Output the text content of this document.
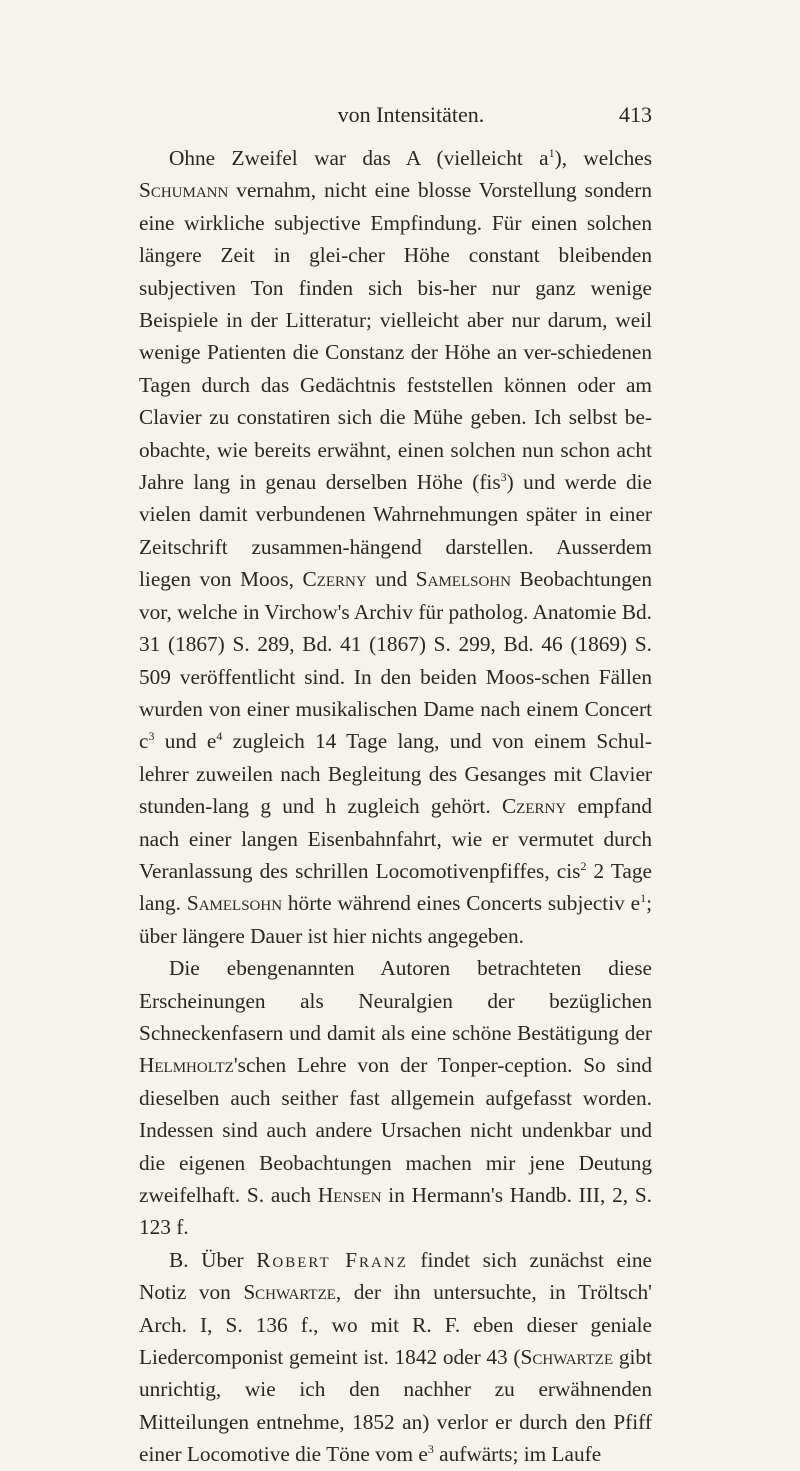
von Intensitäten.	413

Ohne Zweifel war das A (vielleicht $a^1$), welches Schumann vernahm, nicht eine blosse Vorstellung sondern eine wirkliche subjective Empfindung. Für einen solchen längere Zeit in glei-cher Höhe constant bleibenden subjectiven Ton finden sich bis-her nur ganz wenige Beispiele in der Litteratur; vielleicht aber nur darum, weil wenige Patienten die Constanz der Höhe an ver-schiedenen Tagen durch das Gedächtnis feststellen können oder am Clavier zu constatiren sich die Mühe geben. Ich selbst be-obachte, wie bereits erwähnt, einen solchen nun schon acht Jahre lang in genau derselben Höhe (fis$^3$) und werde die vielen damit verbundenen Wahrnehmungen später in einer Zeitschrift zusammen-hängend darstellen. Ausserdem liegen von Moos, Czerny und Samelsohn Beobachtungen vor, welche in Virchow's Archiv für patholog. Anatomie Bd. 31 (1867) S. 289, Bd. 41 (1867) S. 299, Bd. 46 (1869) S. 509 veröffentlicht sind. In den beiden Moos-schen Fällen wurden von einer musikalischen Dame nach einem Concert $c^3$ und $e^4$ zugleich 14 Tage lang, und von einem Schul-lehrer zuweilen nach Begleitung des Gesanges mit Clavier stunden-lang g und h zugleich gehört. Czerny empfand nach einer langen Eisenbahnfahrt, wie er vermutet durch Veranlassung des schrillen Locomotivenpfiffes, cis$^2$ 2 Tage lang. Samelsohn hörte während eines Concerts subjectiv $e^1$; über längere Dauer ist hier nichts angegeben.

Die ebengenannten Autoren betrachteten diese Erscheinungen als Neuralgien der bezüglichen Schneckenfasern und damit als eine schöne Bestätigung der Helmholtz'schen Lehre von der Tonper-ception. So sind dieselben auch seither fast allgemein aufgefasst worden. Indessen sind auch andere Ursachen nicht undenkbar und die eigenen Beobachtungen machen mir jene Deutung zweifelhaft. S. auch Hensen in Hermann's Handb. III, 2, S. 123 f.

B. Über Robert Franz findet sich zunächst eine Notiz von Schwartze, der ihn untersuchte, in Tröltsch' Arch. I, S. 136 f., wo mit R. F. eben dieser geniale Liedercomponist gemeint ist. 1842 oder 43 (Schwartze gibt unrichtig, wie ich den nachher zu erwähnenden Mitteilungen entnehme, 1852 an) verlor er durch den Pfiff einer Locomotive die Töne vom $e^3$ aufwärts; im Laufe
